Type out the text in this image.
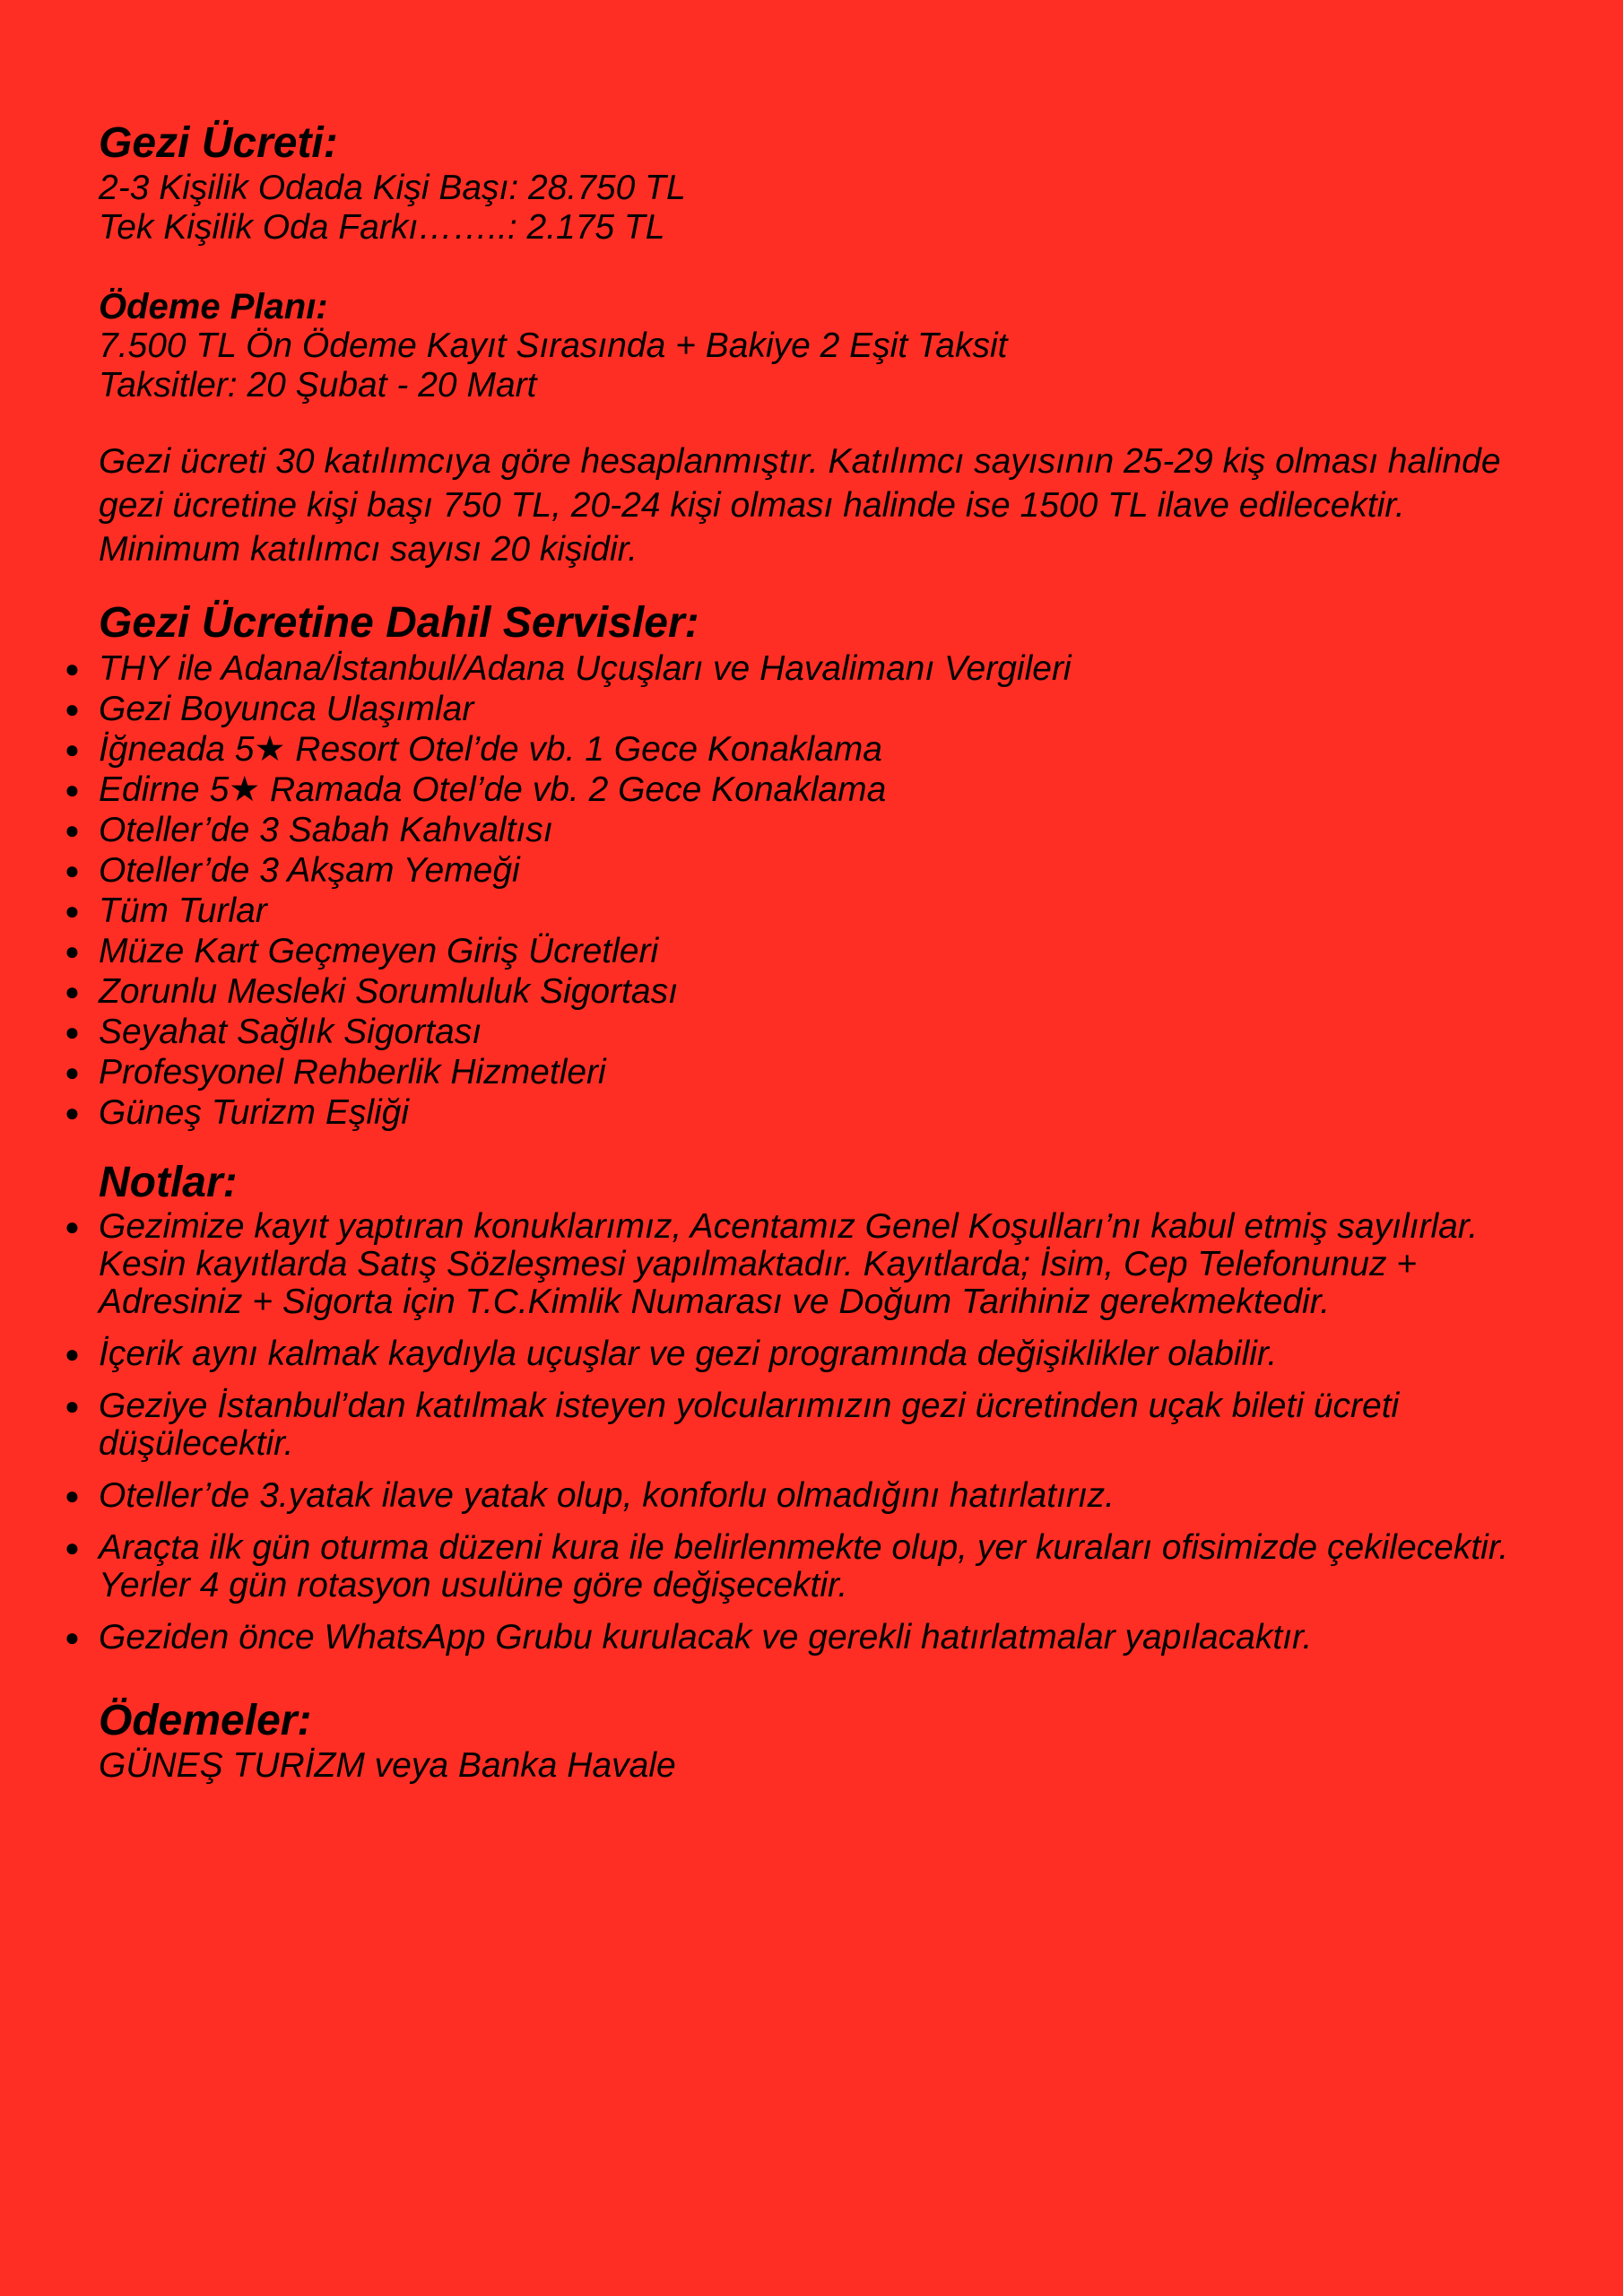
Gezi Ücreti:

2-3 Kişilik Odada Kişi Başı: 28.750 TL

Tek Kişilik Oda Farkı……..: 2.175 TL

Ödeme Planı:

7.500 TL Ön Ödeme Kayıt Sırasında + Bakiye 2 Eşit Taksit

Taksitler: 20 Şubat - 20 Mart

Gezi ücreti 30 katılımcıya göre hesaplanmıştır. Katılımcı sayısının 25-29 kiş olması halinde gezi ücretine kişi başı 750 TL, 20-24 kişi olması halinde ise 1500 TL ilave edilecektir. Minimum katılımcı sayısı 20 kişidir.

Gezi Ücretine Dahil Servisler:
● THY ile Adana/İstanbul/Adana Uçuşları ve Havalimanı Vergileri
● Gezi Boyunca Ulaşımlar
● İğneada 5★ Resort Otel’de vb. 1 Gece Konaklama
● Edirne 5★ Ramada Otel’de vb. 2 Gece Konaklama
● Oteller’de 3 Sabah Kahvaltısı
● Oteller’de 3 Akşam Yemeği
● Tüm Turlar
● Müze Kart Geçmeyen Giriş Ücretleri
● Zorunlu Mesleki Sorumluluk Sigortası
● Seyahat Sağlık Sigortası
● Profesyonel Rehberlik Hizmetleri
● Güneş Turizm Eşliği
Notlar:
● Gezimize kayıt yaptıran konuklarımız, Acentamız Genel Koşulları’nı kabul etmiş sayılırlar. Kesin kayıtlarda Satış Sözleşmesi yapılmaktadır. Kayıtlarda; İsim, Cep Telefonunuz + Adresiniz + Sigorta için T.C.Kimlik Numarası ve Doğum Tarihiniz gerekmektedir.
● İçerik aynı kalmak kaydıyla uçuşlar ve gezi programında değişiklikler olabilir.
● Geziye İstanbul’dan katılmak isteyen yolcularımızın gezi ücretinden uçak bileti ücreti düşülecektir.
● Oteller’de 3.yatak ilave yatak olup, konforlu olmadığını hatırlatırız.
● Araçta ilk gün oturma düzeni kura ile belirlenmekte olup, yer kuraları ofisimizde çekilecektir. Yerler 4 gün rotasyon usulüne göre değişecektir.
● Geziden önce WhatsApp Grubu kurulacak ve gerekli hatırlatmalar yapılacaktır.
Ödemeler:

GÜNEŞ TURİZM veya Banka Havale
